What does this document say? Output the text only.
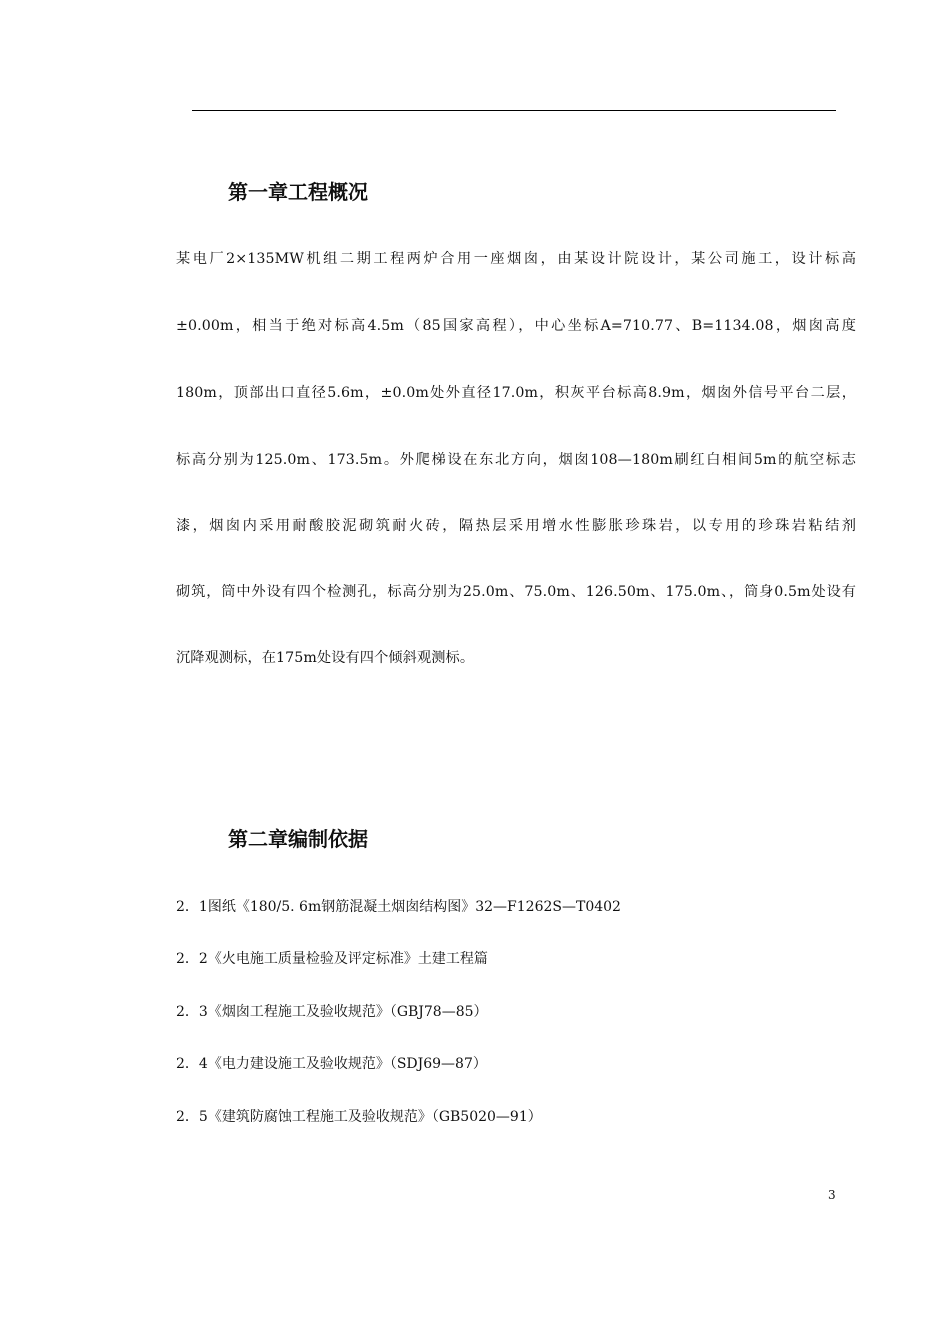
第一章工程概况
某电厂2×135MW机组二期工程两炉合用一座烟囱，由某设计院设计，某公司施工，设计标高
±0.00m，相当于绝对标高4.5m（85国家高程），中心坐标A=710.77、B=1134.08，烟囱高度
180m，顶部出口直径5.6m，±0.0m处外直径17.0m，积灰平台标高8.9m，烟囱外信号平台二层，
标高分别为125.0m、173.5m。外爬梯设在东北方向，烟囱108—180m刷红白相间5m的航空标志
漆，烟囱内采用耐酸胶泥砌筑耐火砖，隔热层采用增水性膨胀珍珠岩，以专用的珍珠岩粘结剂
砌筑，筒中外设有四个检测孔，标高分别为25.0m、75.0m、126.50m、175.0m、，筒身0.5m处设有
沉降观测标，在175m处设有四个倾斜观测标。
第二章编制依据
2．1图纸《180/5. 6m钢筋混凝土烟囱结构图》32—F1262S—T0402
2．2《火电施工质量检验及评定标准》土建工程篇
2．3《烟囱工程施工及验收规范》（GBJ78—85）
2．4《电力建设施工及验收规范》（SDJ69—87）
2．5《建筑防腐蚀工程施工及验收规范》（GB5020—91）
3
